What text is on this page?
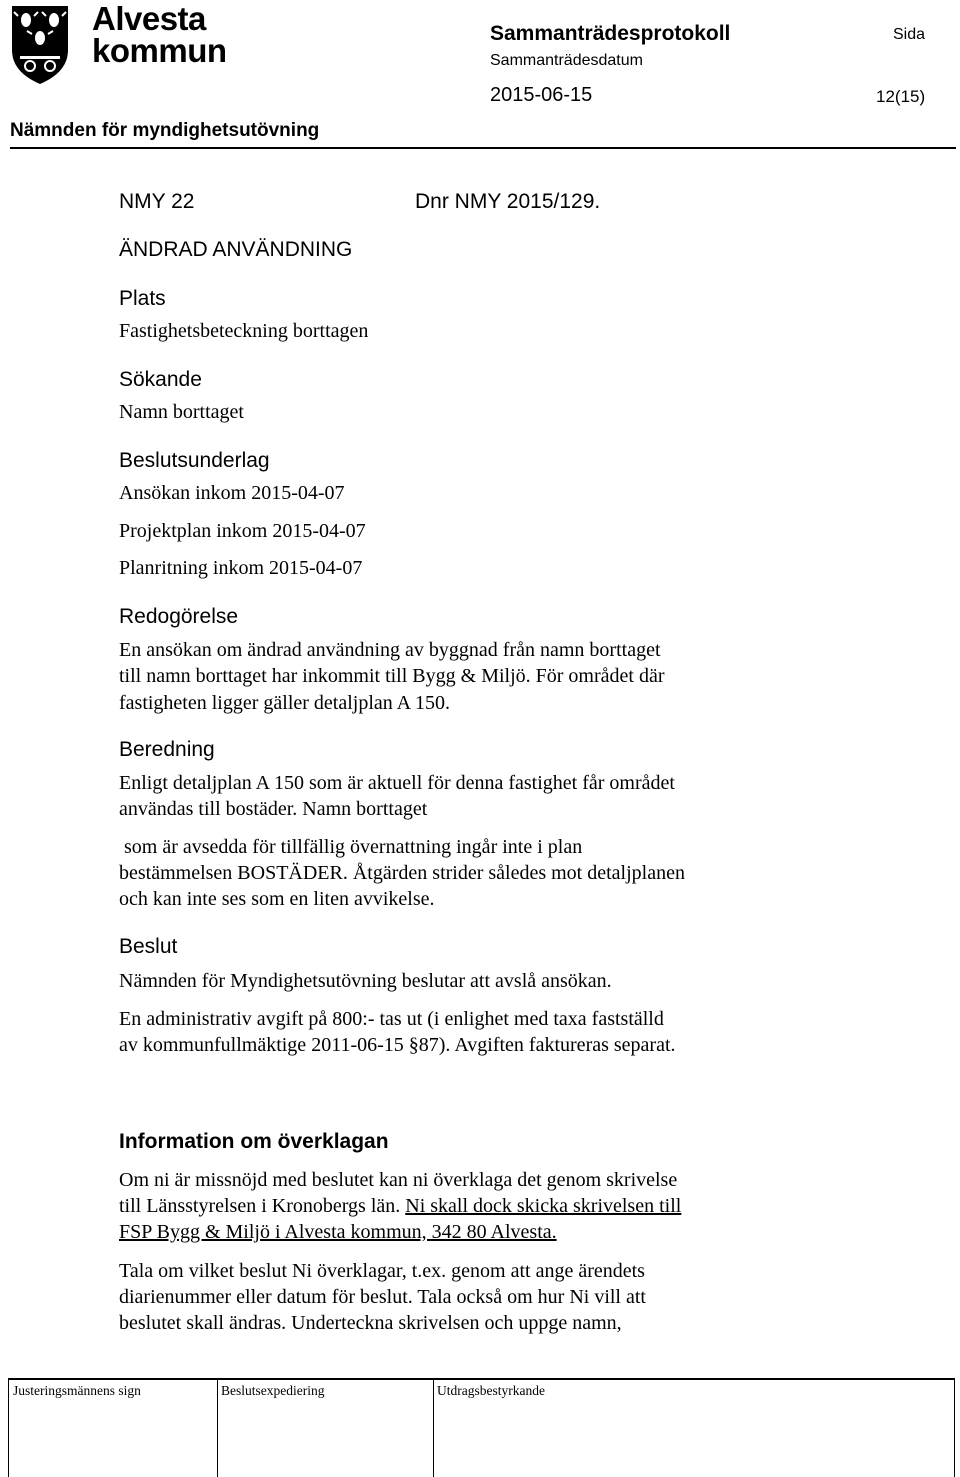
Alvesta
kommun	Sammanträdesprotokoll
Sammanträdesdatum
2015-06-15
Sida
12(15)
Nämnden för myndighetsutövning
NMY 22	Dnr NMY 2015/129.
ÄNDRAD ANVÄNDNING
Plats
Fastighetsbeteckning borttagen
Sökande
Namn borttaget
Beslutsunderlag
Ansökan inkom 2015-04-07
Projektplan inkom 2015-04-07
Planritning inkom 2015-04-07
Redogörelse
En ansökan om ändrad användning av byggnad från namn borttaget
till namn borttaget har inkommit till Bygg & Miljö. För området där
fastigheten ligger gäller detaljplan A 150.
Beredning
Enligt detaljplan A 150 som är aktuell för denna fastighet får området
användas till bostäder. Namn borttaget
som är avsedda för tillfällig övernattning ingår inte i plan
bestämmelsen BOSTÄDER. Åtgärden strider således mot detaljplanen
och kan inte ses som en liten avvikelse.
Beslut
Nämnden för Myndighetsutövning beslutar att avslå ansökan.
En administrativ avgift på 800:- tas ut (i enlighet med taxa fastställd
av kommunfullmäktige 2011-06-15 §87). Avgiften faktureras separat.
Information om överklagan
Om ni är missnöjd med beslutet kan ni överklaga det genom skrivelse
till Länsstyrelsen i Kronobergs län. Ni skall dock skicka skrivelsen till
FSP Bygg & Miljö i Alvesta kommun, 342 80 Alvesta.
Tala om vilket beslut Ni överklagar, t.ex. genom att ange ärendets
diarienummer eller datum för beslut. Tala också om hur Ni vill att
beslutet skall ändras. Underteckna skrivelsen och uppge namn,
Justeringsmännens sign	Beslutsexpediering	Utdragsbestyrkande
